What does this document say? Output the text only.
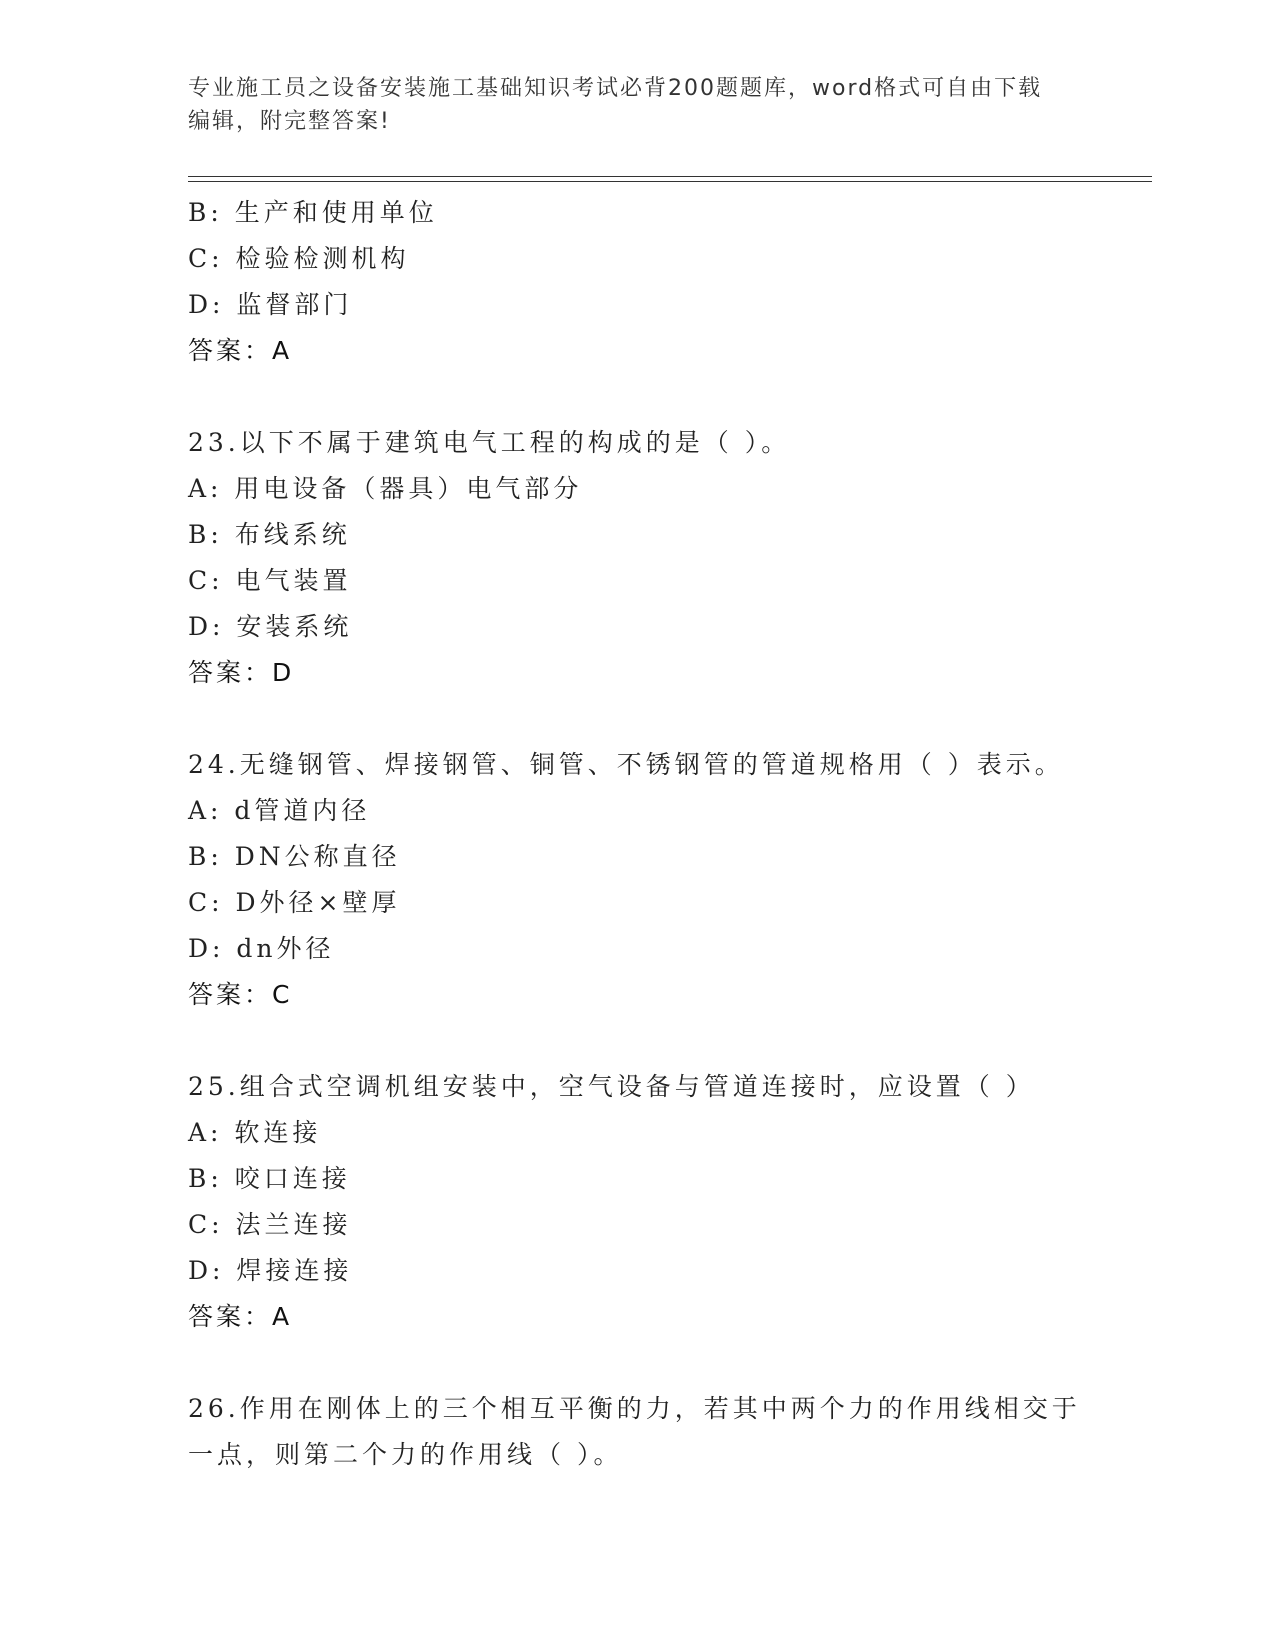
专业施工员之设备安装施工基础知识考试必背200题题库，word格式可自由下载
编辑，附完整答案!
B: 生产和使用单位
C: 检验检测机构
D: 监督部门
答案：A
23.以下不属于建筑电气工程的构成的是（ ）。
A: 用电设备（器具）电气部分
B: 布线系统
C: 电气装置
D: 安装系统
答案：D
24.无缝钢管、焊接钢管、铜管、不锈钢管的管道规格用（ ）表示。
A: d管道内径
B: DN公称直径
C: D外径×壁厚
D: dn外径
答案：C
25.组合式空调机组安装中，空气设备与管道连接时，应设置（ ）
A: 软连接
B: 咬口连接
C: 法兰连接
D: 焊接连接
答案：A
26.作用在刚体上的三个相互平衡的力，若其中两个力的作用线相交于
一点，则第二个力的作用线（ ）。
